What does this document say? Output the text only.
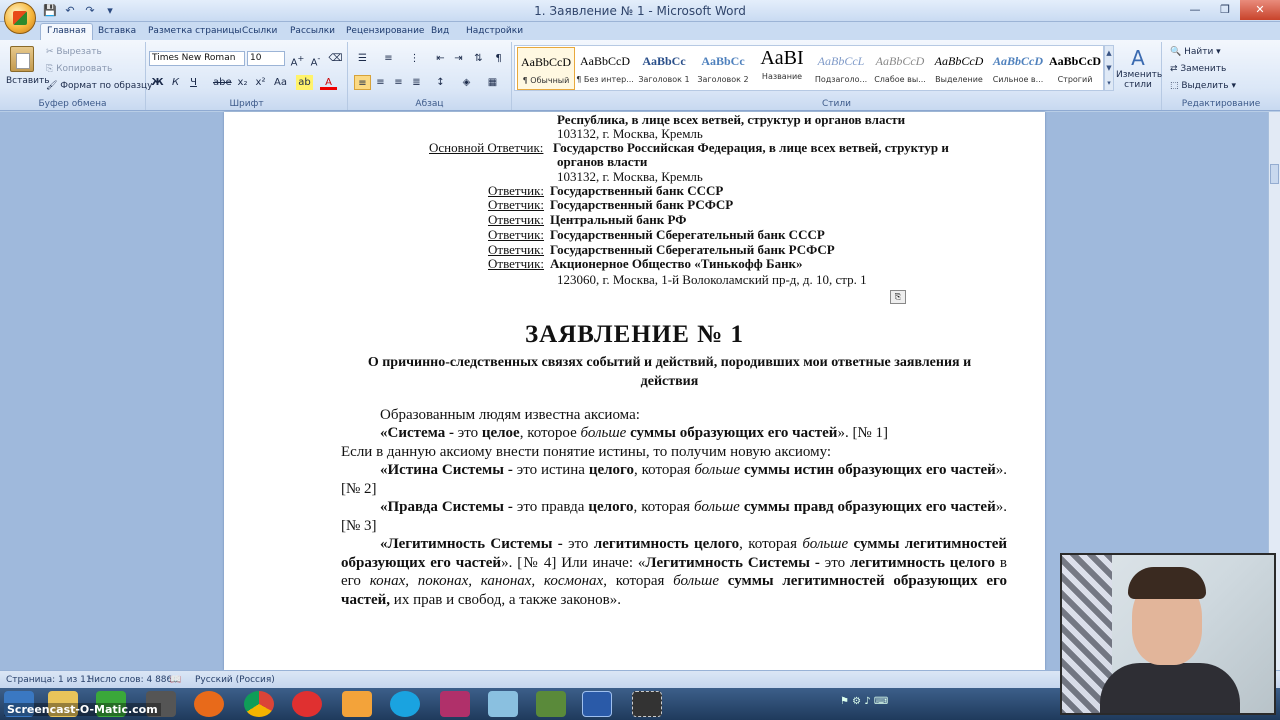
💾 ↶ ↷	▾	1. Заявление № 1 - Microsoft Word	—	❐	✕
Главная	Вставка	Разметка страницы Ссылки	Рассылки	Рецензирование Вид	Надстройки
Вставить
✂ Вырезать
⎘ Копировать
🖌 Формат по образцу
Буфер обмена
Times New Roman	10	A+ A- ⌫
Ж К	Ч	abe x₂ x² Aa ab	A
Шрифт
☰	≡	⋮	⇤ ⇥	⇅	¶
≡ ≡ ≡ ≣	↕	◈	▦
Абзац	Стили
A
Изменить стили
AaBbCcD
¶ Обычный
AaBbCcD
¶ Без интер...
AaBbCc
Заголовок 1
AaBbCc
Заголовок 2
AaBI
Название
AaBbCcL
Подзаголо...
AaBbCcD
Слабое вы...
AaBbCcD
Выделение
AaBbCcD
Сильное в...
AaBbCcD
Строгий
▲
▼
▾
🔍 Найти ▾
⇄ Заменить
⬚ Выделить ▾
Редактирование
Республика, в лице всех ветвей, структур и органов власти
103132, г. Москва, Кремль
Основной Ответчик: Государство Российская Федерация, в лице всех ветвей, структур и
органов власти
103132, г. Москва, Кремль
Ответчик: Государственный банк СССР
Ответчик: Государственный банк РСФСР
Ответчик: Центральный банк РФ
Ответчик: Государственный Сберегательный банк СССР
Ответчик: Государственный Сберегательный банк РСФСР
Ответчик: Акционерное Общество «Тинькофф Банк»
123060, г. Москва, 1-й Волоколамский пр-д, д. 10, стр. 1
⎘
ЗАЯВЛЕНИЕ № 1
О причинно-следственных связях событий и действий, породивших мои ответные заявления и действия
Образованным людям известна аксиома:
«Система - это целое, которое больше суммы образующих его частей». [№ 1]
Если в данную аксиому внести понятие истины, то получим новую аксиому:
«Истина Системы - это истина целого, которая больше суммы истин образующих его частей». [№ 2]
«Правда Системы - это правда целого, которая больше суммы правд образующих его частей». [№ 3]
«Легитимность Системы - это легитимность целого, которая больше суммы легитимностей образующих его частей». [№ 4] Или иначе: «Легитимность Системы - это легитимность целого в его конах, поконах, канонах, космонах, которая больше суммы легитимностей образующих его частей, их прав и свобод, а также законов».
Страница: 1 из 11
Число слов: 4 886
📖 Русский (Россия)
⚑ ⚙ ♪ ⌨
Screencast-O-Matic.com
